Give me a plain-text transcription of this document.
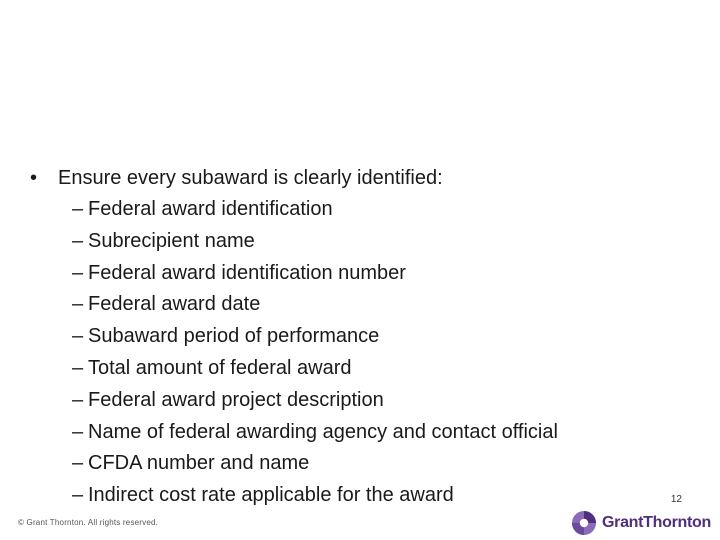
• Ensure every subaward is clearly identified:
– Federal award identification
– Subrecipient name
– Federal award identification number
– Federal award date
– Subaward period of performance
– Total amount of federal award
– Federal award project description
– Name of federal awarding agency and contact official
– CFDA number and name
– Indirect cost rate applicable for the award	12
© Grant Thornton. All rights reserved.	GrantThornton
